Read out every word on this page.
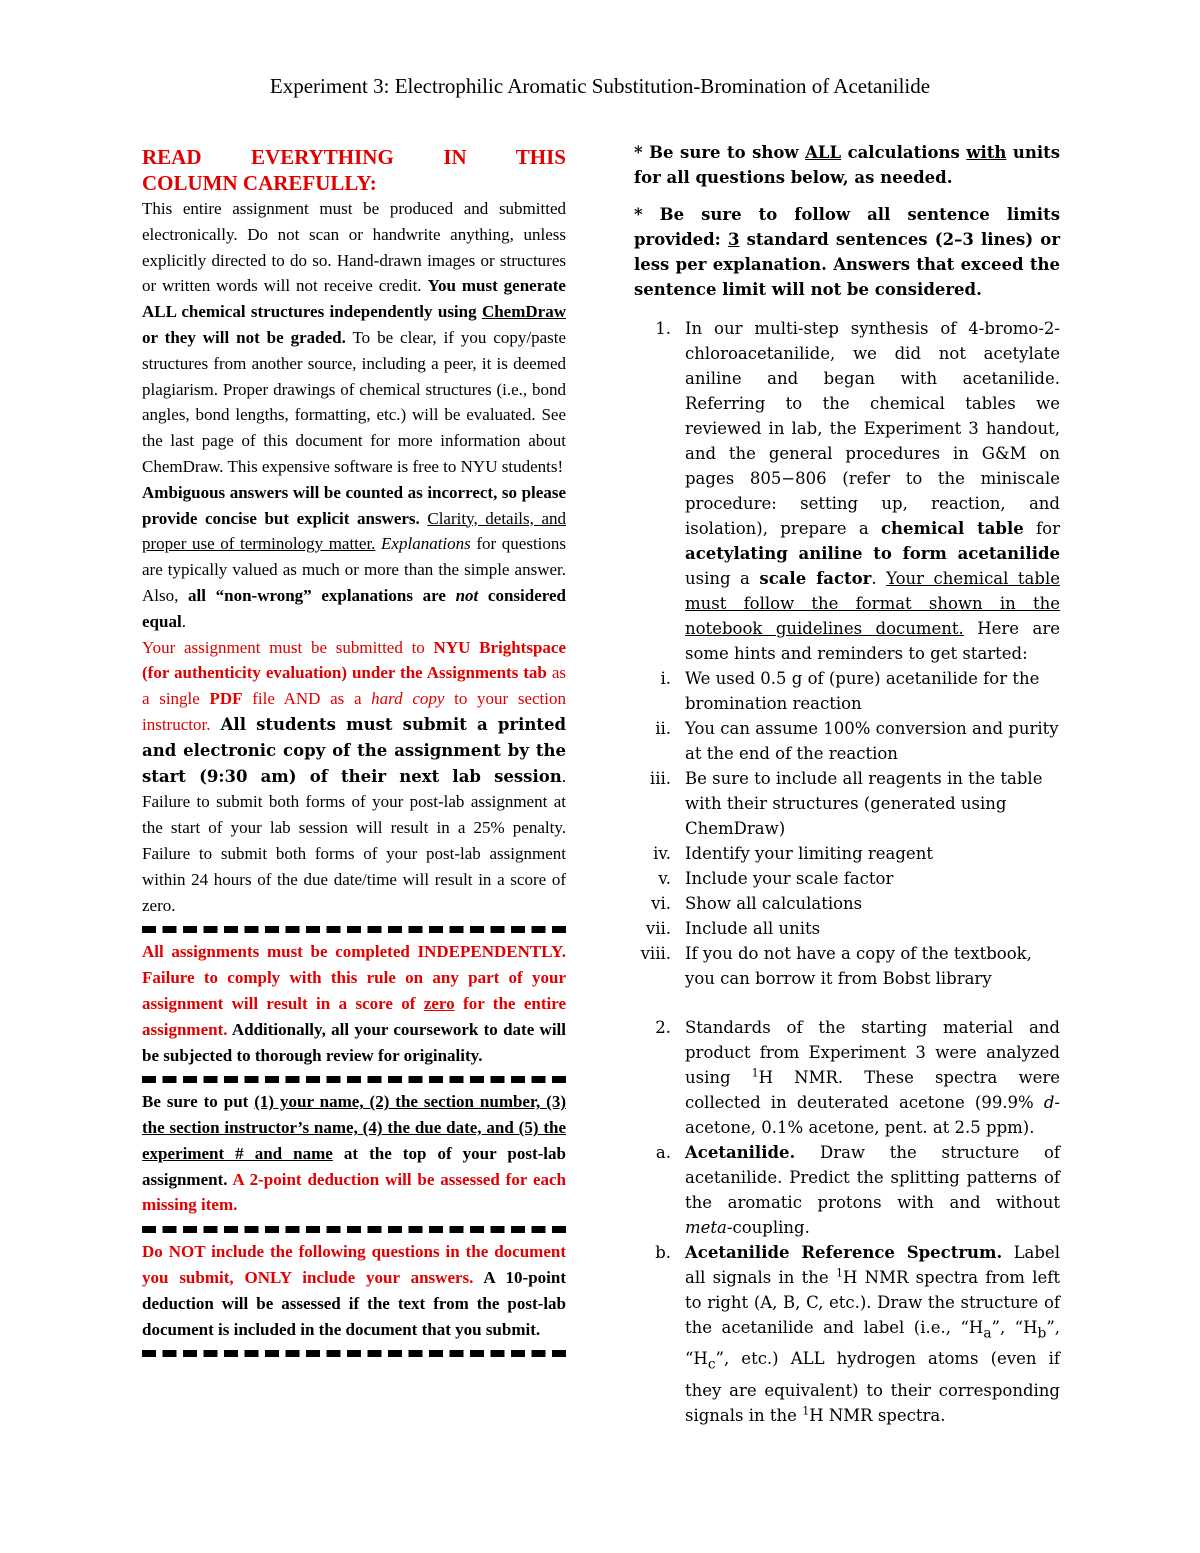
Experiment 3: Electrophilic Aromatic Substitution-Bromination of Acetanilide
READ EVERYTHING IN THIS
COLUMN CAREFULLY:

This entire assignment must be produced and submitted electronically. Do not scan or handwrite anything, unless explicitly directed to do so. Hand-drawn images or structures or written words will not receive credit. You must generate ALL chemical structures independently using ChemDraw or they will not be graded. To be clear, if you copy/paste structures from another source, including a peer, it is deemed plagiarism. Proper drawings of chemical structures (i.e., bond angles, bond lengths, formatting, etc.) will be evaluated. See the last page of this document for more information about ChemDraw. This expensive software is free to NYU students!

Ambiguous answers will be counted as incorrect, so please provide concise but explicit answers. Clarity, details, and proper use of terminology matter. Explanations for questions are typically valued as much or more than the simple answer. Also, all “non-wrong” explanations are not considered equal.

Your assignment must be submitted to NYU Brightspace (for authenticity evaluation) under the Assignments tab as a single PDF file AND as a hard copy to your section instructor. All students must submit a printed and electronic copy of the assignment by the start (9:30 am) of their next lab session. Failure to submit both forms of your post-lab assignment at the start of your lab session will result in a 25% penalty. Failure to submit both forms of your post-lab assignment within 24 hours of the due date/time will result in a score of zero.

All assignments must be completed INDEPENDENTLY. Failure to comply with this rule on any part of your assignment will result in a score of zero for the entire assignment. Additionally, all your coursework to date will be subjected to thorough review for originality.

Be sure to put (1) your name, (2) the section number, (3) the section instructor’s name, (4) the due date, and (5) the experiment # and name at the top of your post-lab assignment. A 2-point deduction will be assessed for each missing item.

Do NOT include the following questions in the document you submit, ONLY include your answers. A 10-point deduction will be assessed if the text from the post-lab document is included in the document that you submit.

* Be sure to show ALL calculations with units for all questions below, as needed.

* Be sure to follow all sentence limits provided: 3 standard sentences (2–3 lines) or less per explanation. Answers that exceed the sentence limit will not be considered.

1. In our multi-step synthesis of 4-bromo-2-chloroacetanilide, we did not acetylate aniline and began with acetanilide. Referring to the chemical tables we reviewed in lab, the Experiment 3 handout, and the general procedures in G&M on pages 805−806 (refer to the miniscale procedure: setting up, reaction, and isolation), prepare a chemical table for acetylating aniline to form acetanilide using a scale factor. Your chemical table must follow the format shown in the notebook guidelines document. Here are some hints and reminders to get started:
i. We used 0.5 g of (pure) acetanilide for the bromination reaction
ii. You can assume 100% conversion and purity at the end of the reaction
iii. Be sure to include all reagents in the table with their structures (generated using ChemDraw)
iv. Identify your limiting reagent
v. Include your scale factor
vi. Show all calculations
vii. Include all units
viii. If you do not have a copy of the textbook, you can borrow it from Bobst library
2. Standards of the starting material and product from Experiment 3 were analyzed using $^1$H NMR. These spectra were collected in deuterated acetone (99.9% d-acetone, 0.1% acetone, pent. at 2.5 ppm).
a. Acetanilide. Draw the structure of acetanilide. Predict the splitting patterns of the aromatic protons with and without meta-coupling.
b. Acetanilide Reference Spectrum. Label all signals in the $^1$H NMR spectra from left to right (A, B, C, etc.). Draw the structure of the acetanilide and label (i.e., “$H_a$”, “$H_b$”, “$H_c$”, etc.) ALL hydrogen atoms (even if they are equivalent) to their corresponding signals in the $^1$H NMR spectra.
